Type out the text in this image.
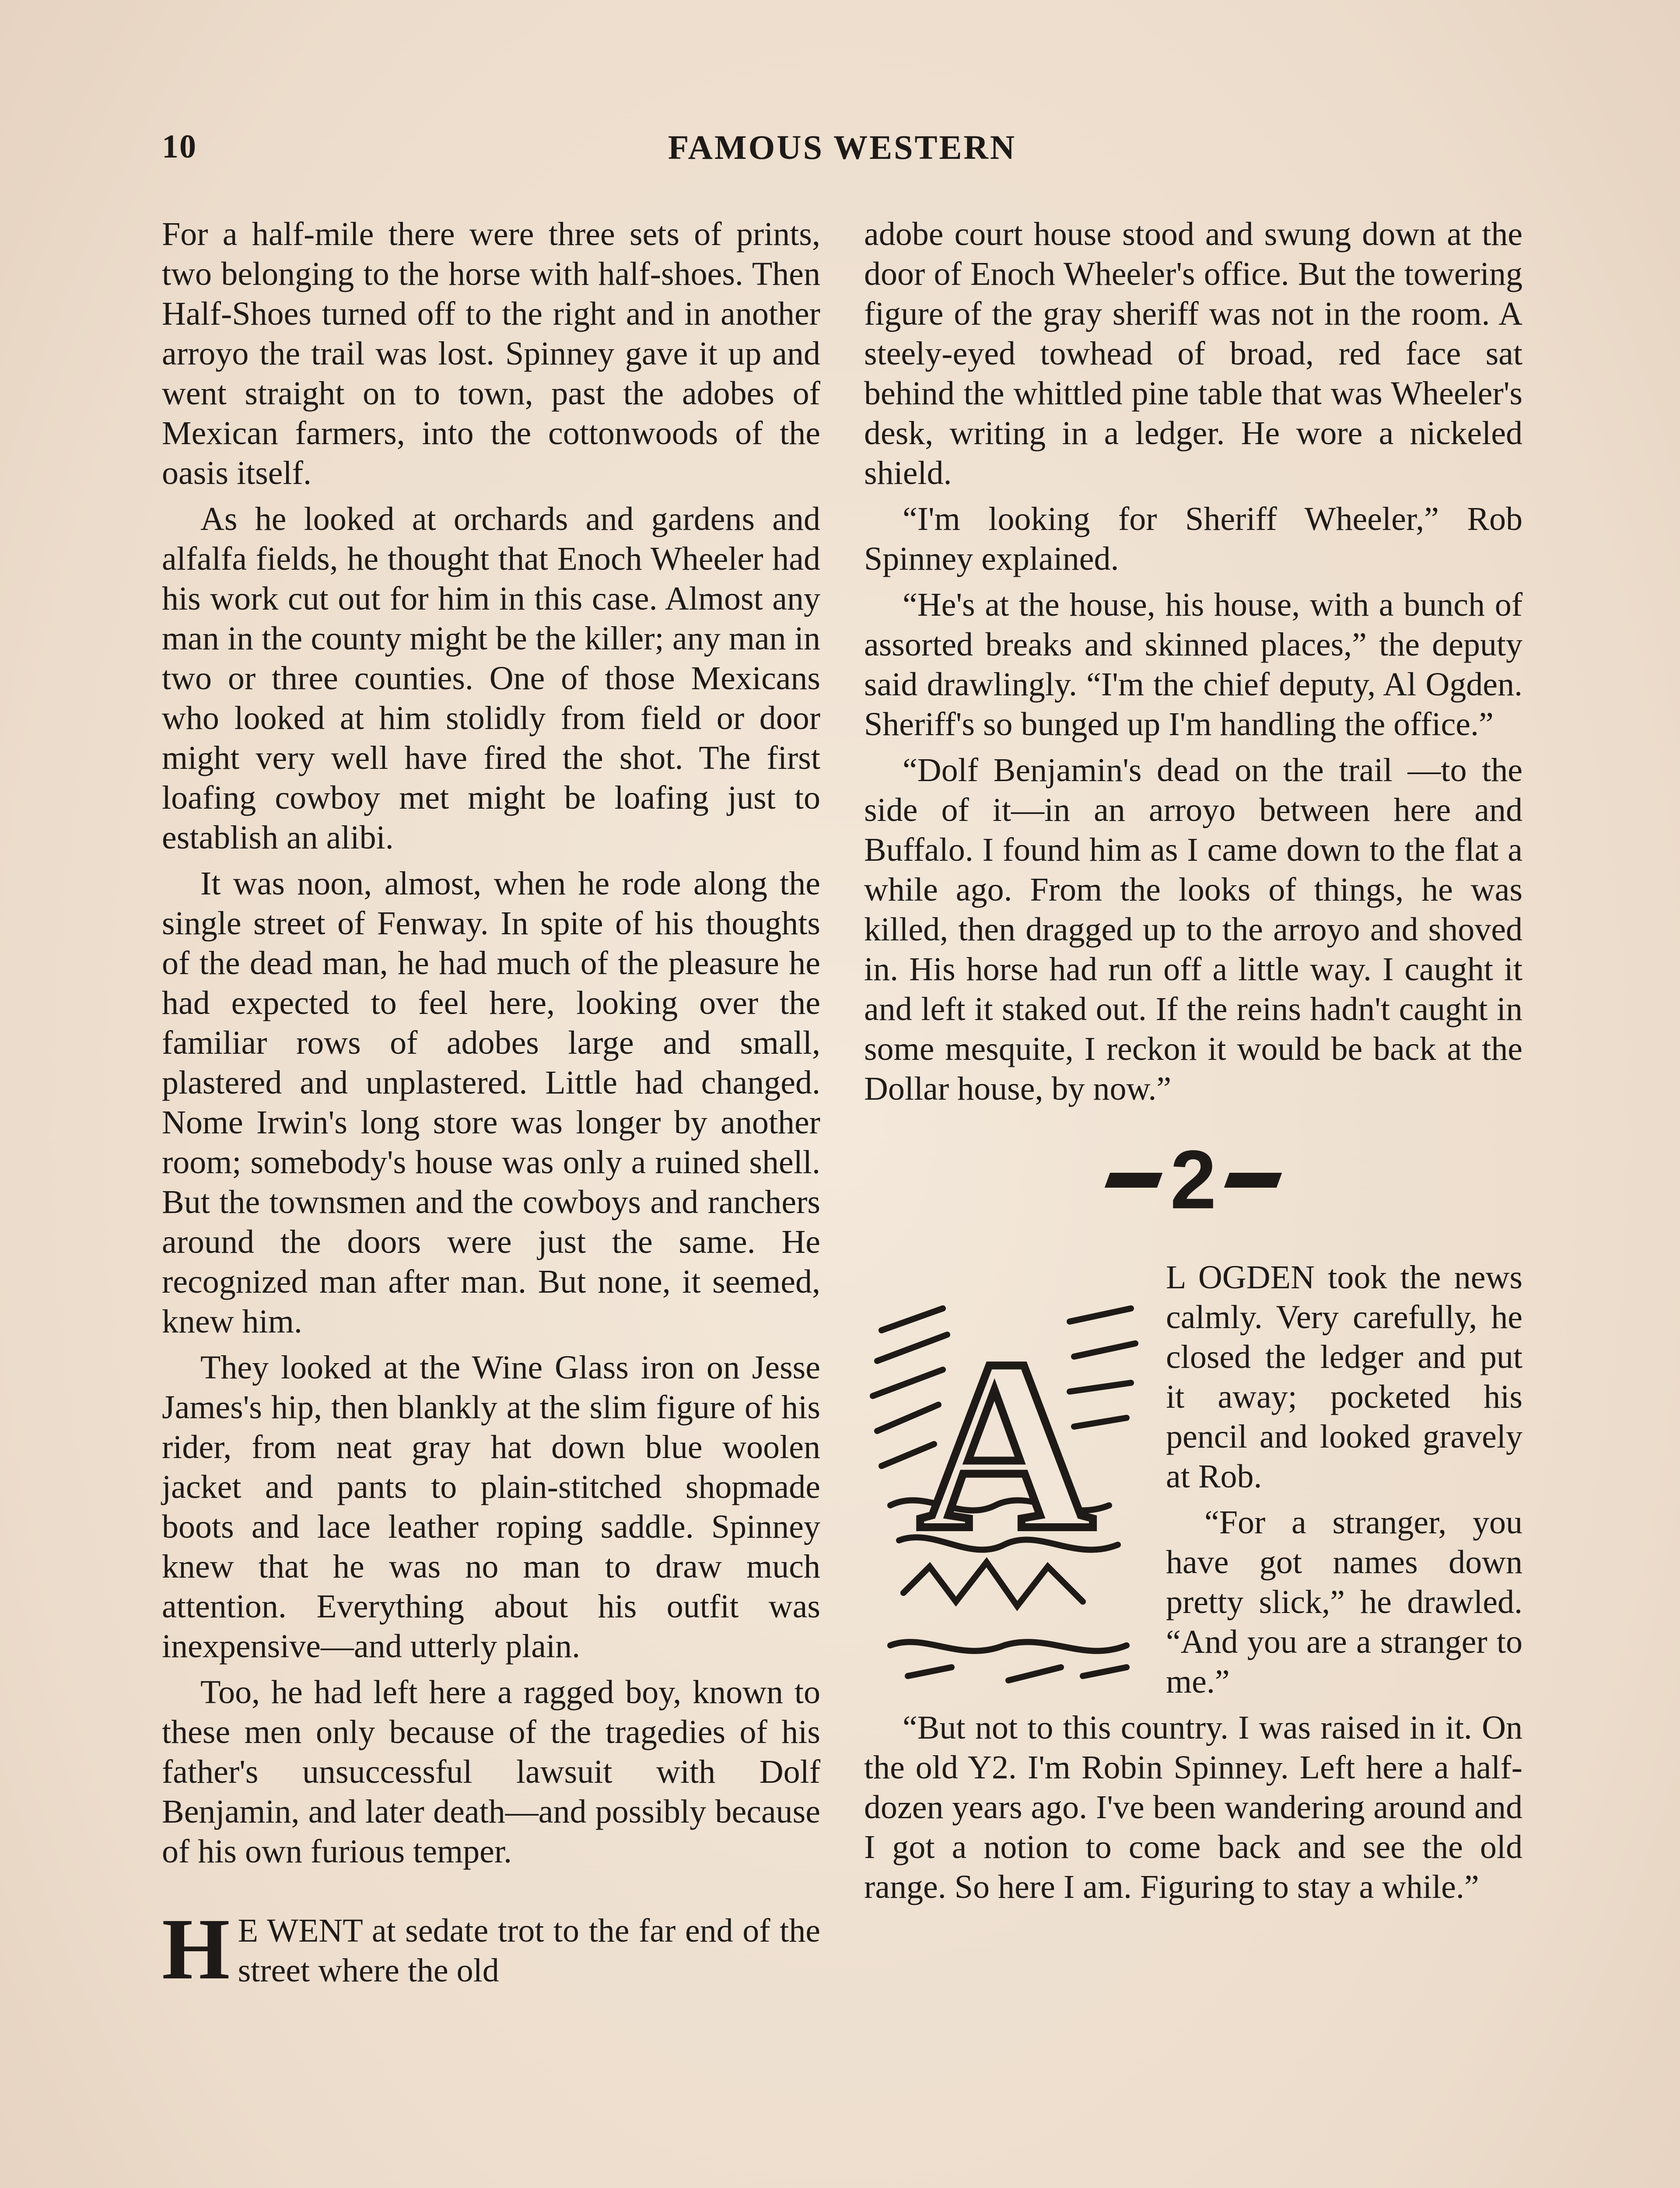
10	FAMOUS WESTERN

For a half-mile there were three sets of prints, two belonging to the horse with half-shoes. Then Half-Shoes turned off to the right and in another arroyo the trail was lost. Spinney gave it up and went straight on to town, past the adobes of Mexican farmers, into the cottonwoods of the oasis itself.

As he looked at orchards and gardens and alfalfa fields, he thought that Enoch Wheeler had his work cut out for him in this case. Almost any man in the county might be the killer; any man in two or three counties. One of those Mexicans who looked at him stolidly from field or door might very well have fired the shot. The first loafing cowboy met might be loafing just to establish an alibi.

It was noon, almost, when he rode along the single street of Fenway. In spite of his thoughts of the dead man, he had much of the pleasure he had expected to feel here, looking over the familiar rows of adobes large and small, plastered and unplastered. Little had changed. Nome Irwin's long store was longer by another room; somebody's house was only a ruined shell. But the townsmen and the cowboys and ranchers around the doors were just the same. He recognized man after man. But none, it seemed, knew him.

They looked at the Wine Glass iron on Jesse James's hip, then blankly at the slim figure of his rider, from neat gray hat down blue woolen jacket and pants to plain-stitched shopmade boots and lace leather roping saddle. Spinney knew that he was no man to draw much attention. Everything about his outfit was inexpensive—and utterly plain.

Too, he had left here a ragged boy, known to these men only because of the tragedies of his father's unsuccessful lawsuit with Dolf Benjamin, and later death—and possibly because of his own furious temper.

H E WENT at sedate trot to the far end of the street where the old

adobe court house stood and swung down at the door of Enoch Wheeler's office. But the towering figure of the gray sheriff was not in the room. A steely-eyed towhead of broad, red face sat behind the whittled pine table that was Wheeler's desk, writing in a ledger. He wore a nickeled shield.

“I'm looking for Sheriff Wheeler,” Rob Spinney explained.

“He's at the house, his house, with a bunch of assorted breaks and skinned places,” the deputy said drawlingly. “I'm the chief deputy, Al Ogden. Sheriff's so bunged up I'm handling the office.”

“Dolf Benjamin's dead on the trail —to the side of it—in an arroyo between here and Buffalo. I found him as I came down to the flat a while ago. From the looks of things, he was killed, then dragged up to the arroyo and shoved in. His horse had run off a little way. I caught it and left it staked out. If the reins hadn't caught in some mesquite, I reckon it would be back at the Dollar house, by now.”

2
A

L OGDEN took the news calmly. Very carefully, he closed the ledger and put it away; pocketed his pencil and looked gravely at Rob.

“For a stranger, you have got names down pretty slick,” he drawled. “And you are a stranger to me.”

“But not to this country. I was raised in it. On the old Y2. I'm Robin Spinney. Left here a half-dozen years ago. I've been wandering around and I got a notion to come back and see the old range. So here I am. Figuring to stay a while.”
